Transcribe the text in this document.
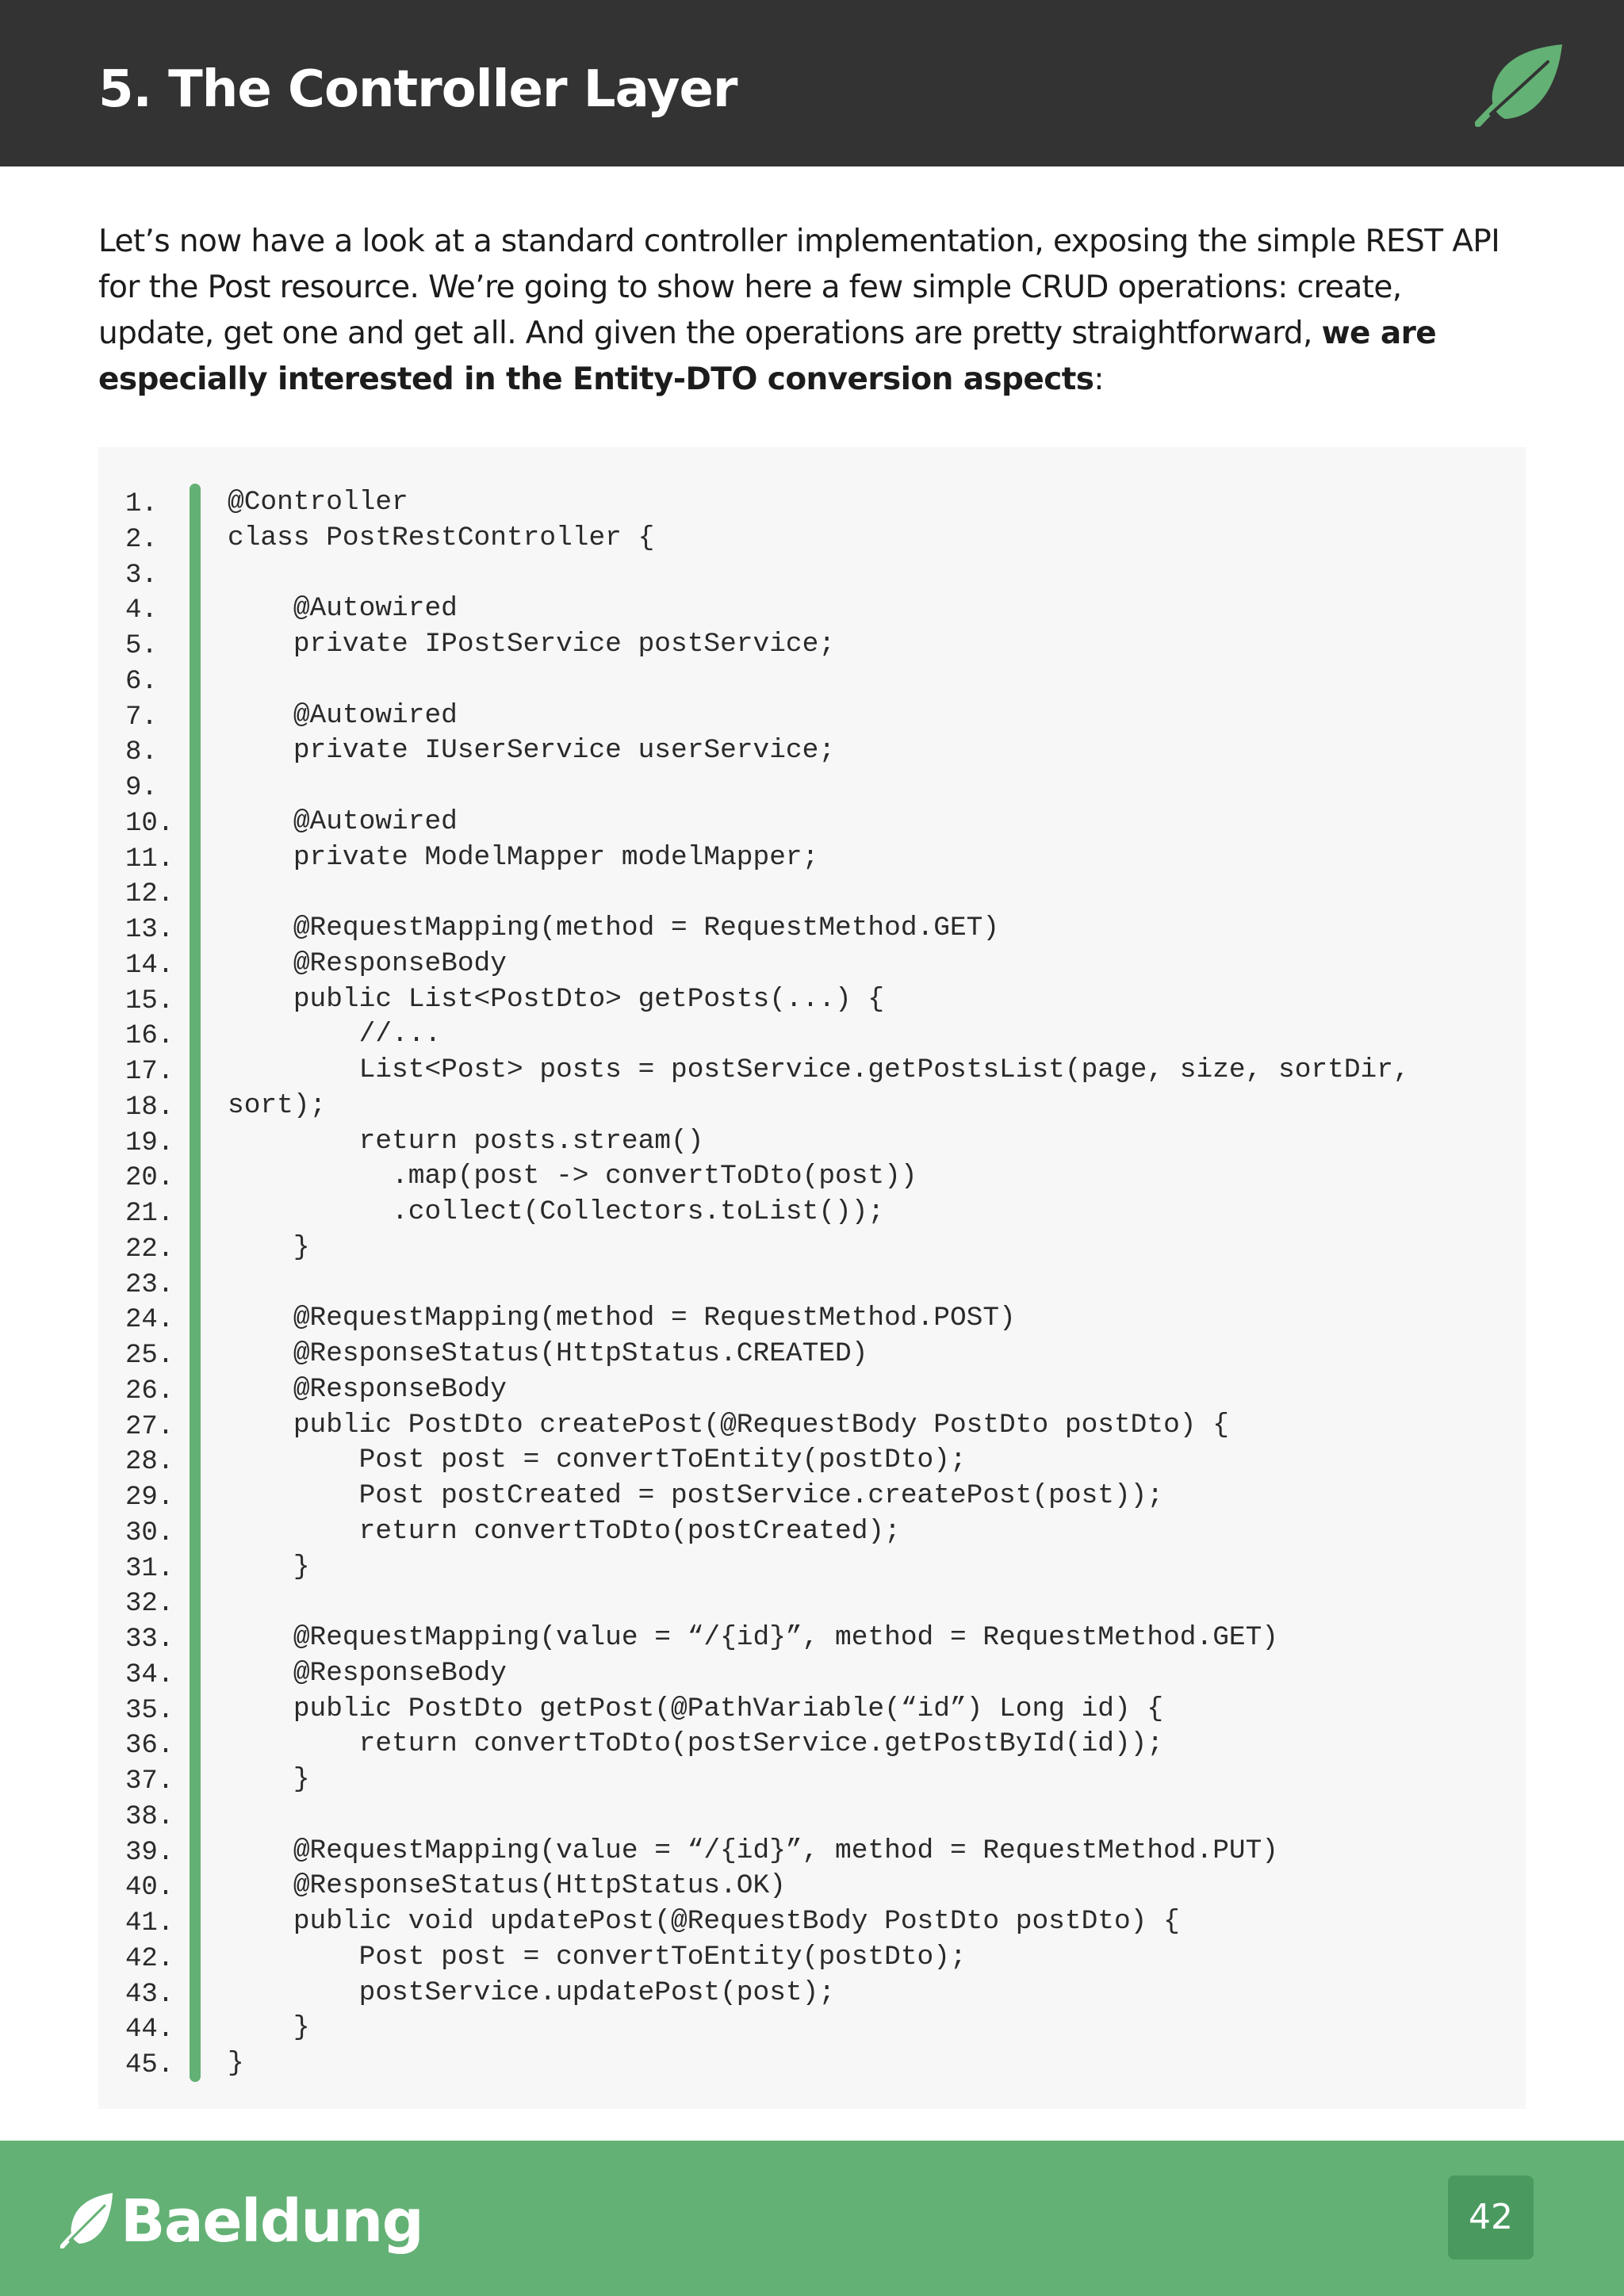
5. The Controller Layer
Let’s now have a look at a standard controller implementation, exposing the simple REST API for the Post resource. We’re going to show here a few simple CRUD operations: create, update, get one and get all. And given the operations are pretty straightforward, we are especially interested in the Entity-DTO conversion aspects:
1.
2.
3.
4.
5.
6.
7.
8.
9.
10.
11.
12.
13.
14.
15.
16.
17.
18.
19.
20.
21.
22.
23.
24.
25.
26.
27.
28.
29.
30.
31.
32.
33.
34.
35.
36.
37.
38.
39.
40.
41.
42.
43.
44.
45.
@Controller
class PostRestController {
@Autowired
private IPostService postService;
@Autowired
private IUserService userService;
@Autowired
private ModelMapper modelMapper;
@RequestMapping(method = RequestMethod.GET)
@ResponseBody
public List<PostDto> getPosts(...) {
//...
List<Post> posts = postService.getPostsList(page, size, sortDir,
sort);
return posts.stream()
.map(post -> convertToDto(post))
.collect(Collectors.toList());
}
@RequestMapping(method = RequestMethod.POST)
@ResponseStatus(HttpStatus.CREATED)
@ResponseBody
public PostDto createPost(@RequestBody PostDto postDto) {
Post post = convertToEntity(postDto);
Post postCreated = postService.createPost(post));
return convertToDto(postCreated);
}
@RequestMapping(value = “/{id}”, method = RequestMethod.GET)
@ResponseBody
public PostDto getPost(@PathVariable(“id”) Long id) {
return convertToDto(postService.getPostById(id));
}
@RequestMapping(value = “/{id}”, method = RequestMethod.PUT)
@ResponseStatus(HttpStatus.OK)
public void updatePost(@RequestBody PostDto postDto) {
Post post = convertToEntity(postDto);
postService.updatePost(post);
}
}
Baeldung	42
